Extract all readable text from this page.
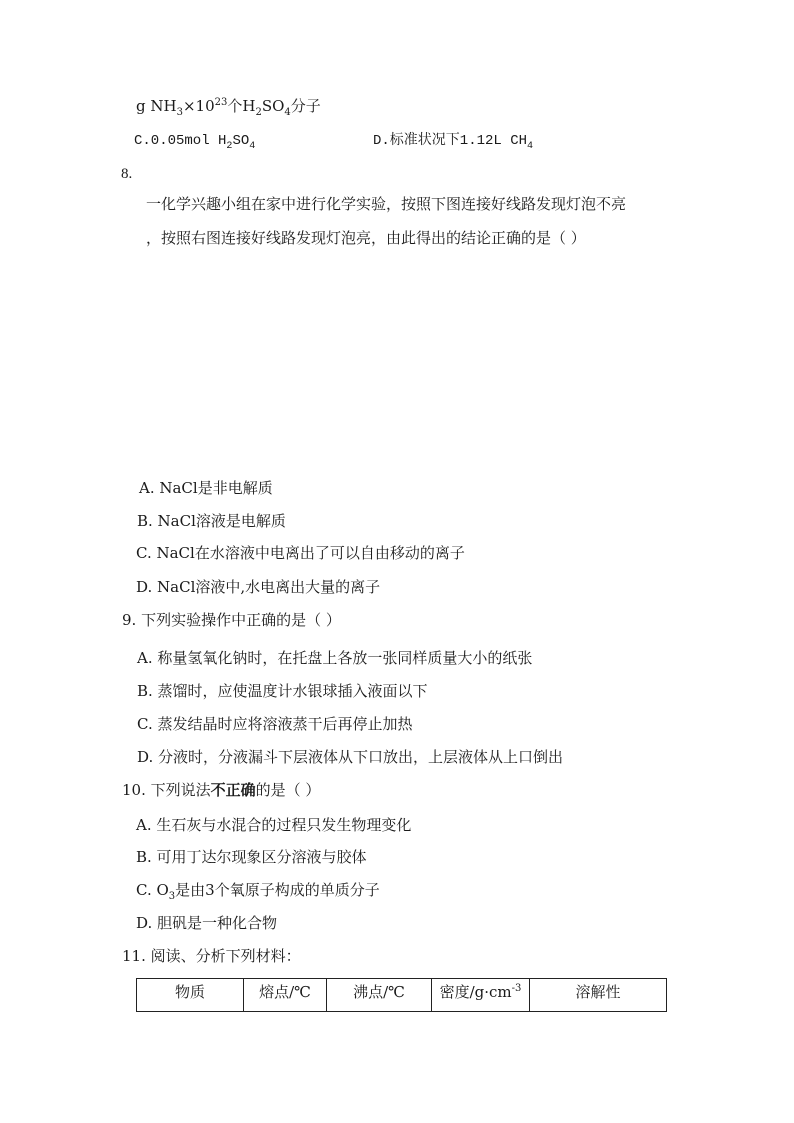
g $NH_3\times 10^{23}$个$H_2SO_4$分子
C.0.05mol $H_2SO_4$	D.标准状况下1.12L $CH_4$
8.
一化学兴趣小组在家中进行化学实验，按照下图连接好线路发现灯泡不亮
，按照右图连接好线路发现灯泡亮，由此得出的结论正确的是（ ）
A. NaCl是非电解质
B. NaCl溶液是电解质
C. NaCl在水溶液中电离出了可以自由移动的离子
D. NaCl溶液中,水电离出大量的离子
9. 下列实验操作中正确的是（ ）
A. 称量氢氧化钠时，在托盘上各放一张同样质量大小的纸张
B. 蒸馏时，应使温度计水银球插入液面以下
C. 蒸发结晶时应将溶液蒸干后再停止加热
D. 分液时，分液漏斗下层液体从下口放出，上层液体从上口倒出
10. 下列说法不正确的是（ ）
A. 生石灰与水混合的过程只发生物理变化
B. 可用丁达尔现象区分溶液与胶体
C. $O_3$是由3个氧原子构成的单质分子
D. 胆矾是一种化合物
11. 阅读、分析下列材料：
物质	熔点/℃	沸点/℃	密度$/g\cdot cm^{-3}$	溶解性
